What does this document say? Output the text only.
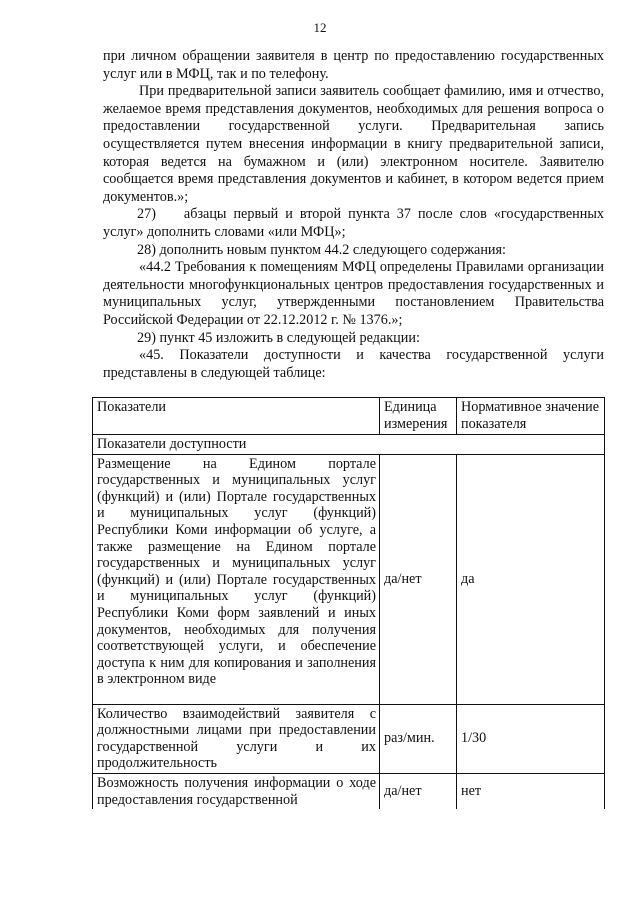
12

при личном обращении заявителя в центр по предоставлению государственных услуг или в МФЦ, так и по телефону.

При предварительной записи заявитель сообщает фамилию, имя и отчество, желаемое время представления документов, необходимых для решения вопроса о предоставлении государственной услуги. Предварительная запись осуществляется путем внесения информации в книгу предварительной записи, которая ведется на бумажном и (или) электронном носителе. Заявителю сообщается время представления документов и кабинет, в котором ведется прием документов.»;

27)    абзацы первый и второй пункта 37 после слов «государственных услуг» дополнить словами «или МФЦ»;

28) дополнить новым пунктом 44.2 следующего содержания:

«44.2 Требования к помещениям МФЦ определены Правилами организации деятельности многофункциональных центров предоставления государственных и муниципальных услуг, утвержденными постановлением Правительства Российской Федерации от 22.12.2012 г. № 1376.»;

29) пункт 45 изложить в следующей редакции:

«45. Показатели доступности и качества государственной услуги представлены в следующей таблице:

Показатели	Единица измерения	Нормативное значение показателя
Показатели доступности		
Размещение на Едином портале государственных и муниципальных услуг (функций) и (или) Портале государственных и муниципальных услуг (функций) Республики Коми информации об услуге, а также размещение на Едином портале государственных и муниципальных услуг (функций) и (или) Портале государственных и муниципальных услуг (функций) Республики Коми форм заявлений и иных документов, необходимых для получения соответствующей услуги, и обеспечение доступа к ним для копирования и заполнения в электронном виде	да/нет	да
Количество взаимодействий заявителя с должностными лицами при предоставлении государственной услуги и их продолжительность	раз/мин.	1/30
Возможность получения информации о ходе предоставления государственной	да/нет	нет
